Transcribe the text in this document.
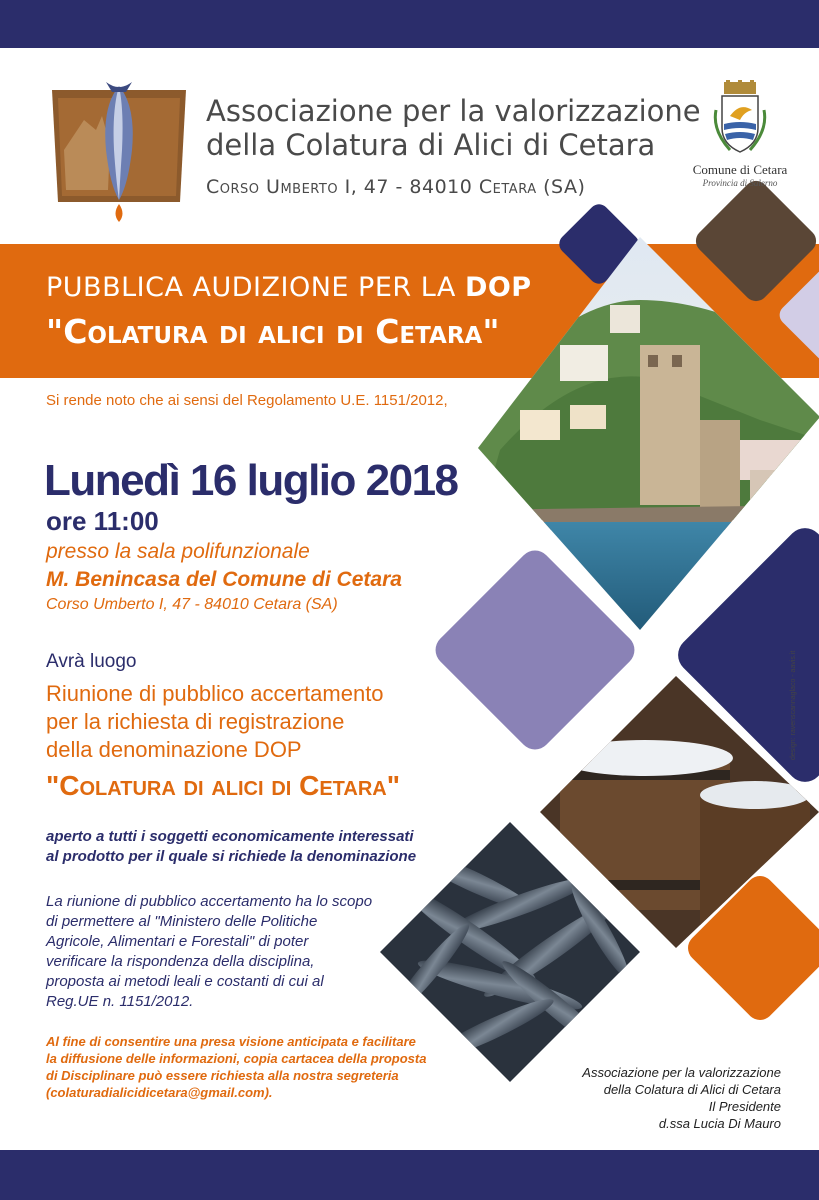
Associazione per la valorizzazione
della Colatura di Alici di Cetara
Corso Umberto I, 47 - 84010 Cetara (SA)
Comune di Cetara
Provincia di Salerno
PUBBLICA AUDIZIONE PER LA DOP
"Colatura di alici di Cetara"
Si rende noto che ai sensi del Regolamento U.E. 1151/2012,
Lunedì 16 luglio 2018
ore 11:00
presso la sala polifunzionale
M. Benincasa del Comune di Cetara
Corso Umberto I, 47 - 84010 Cetara (SA)
Avrà luogo
Riunione di pubblico accertamento
per la richiesta di registrazione
della denominazione DOP
"Colatura di alici di Cetara"
aperto a tutti i soggetti economicamente interessati
al prodotto per il quale si richiede la denominazione
La riunione di pubblico accertamento ha lo scopo
di permettere al "Ministero delle Politiche
Agricole, Alimentari e Forestali" di poter
verificare la rispondenza della disciplina,
proposta ai metodi leali e costanti di cui al
Reg.UE n. 1151/2012.
Al fine di consentire una presa visione anticipata e facilitare
la diffusione delle informazioni, copia cartacea della proposta
di Disciplinare può essere richiesta alla nostra segreteria
(colaturadialicidicetara@gmail.com).
Associazione per la valorizzazione
della Colatura di Alici di Cetara
Il Presidente
d.ssa Lucia Di Mauro
design: ravenscannaglaco - aavis.it
